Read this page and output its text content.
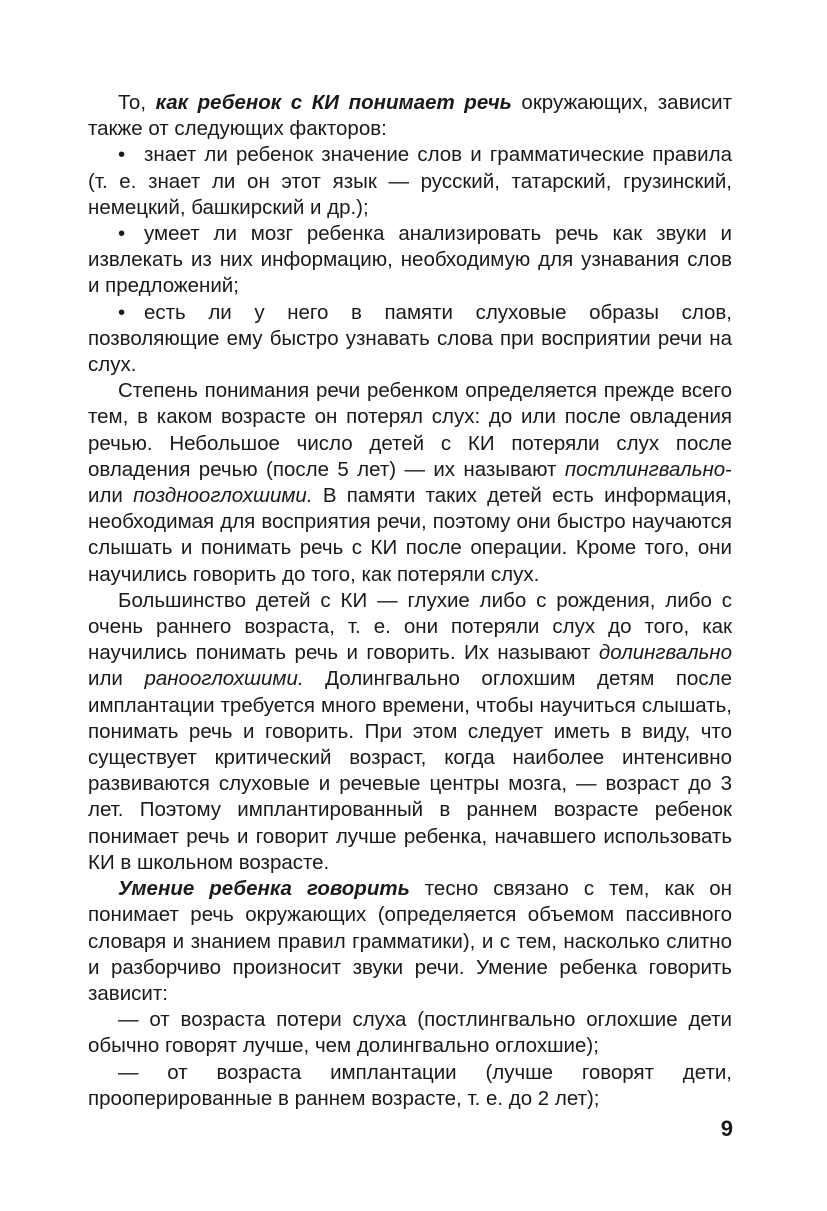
То, как ребенок с КИ понимает речь окружающих, зависит также от следующих факторов:

• знает ли ребенок значение слов и грамматические правила (т. е. знает ли он этот язык — русский, татарский, грузинский, немецкий, башкирский и др.);

• умеет ли мозг ребенка анализировать речь как звуки и извлекать из них информацию, необходимую для узнавания слов и предложений;

• есть ли у него в памяти слуховые образы слов, позволяющие ему быстро узнавать слова при восприятии речи на слух.

Степень понимания речи ребенком определяется прежде всего тем, в каком возрасте он потерял слух: до или после овладения речью. Небольшое число детей с КИ потеряли слух после овладения речью (после 5 лет) — их называют постлингвально- или позднооглохшими. В памяти таких детей есть информация, необходимая для восприятия речи, поэтому они быстро научаются слышать и понимать речь с КИ после операции. Кроме того, они научились говорить до того, как потеряли слух.

Большинство детей с КИ — глухие либо с рождения, либо с очень раннего возраста, т. е. они потеряли слух до того, как научились понимать речь и говорить. Их называют долингвально или ранооглохшими. Долингвально оглохшим детям после имплантации требуется много времени, чтобы научиться слышать, понимать речь и говорить. При этом следует иметь в виду, что существует критический возраст, когда наиболее интенсивно развиваются слуховые и речевые центры мозга, — возраст до 3 лет. Поэтому имплантированный в раннем возрасте ребенок понимает речь и говорит лучше ребенка, начавшего использовать КИ в школьном возрасте.

Умение ребенка говорить тесно связано с тем, как он понимает речь окружающих (определяется объемом пассивного словаря и знанием правил грамматики), и с тем, насколько слитно и разборчиво произносит звуки речи. Умение ребенка говорить зависит:

— от возраста потери слуха (постлингвально оглохшие дети обычно говорят лучше, чем долингвально оглохшие);

— от возраста имплантации (лучше говорят дети, прооперированные в раннем возрасте, т. е. до 2 лет);

9
